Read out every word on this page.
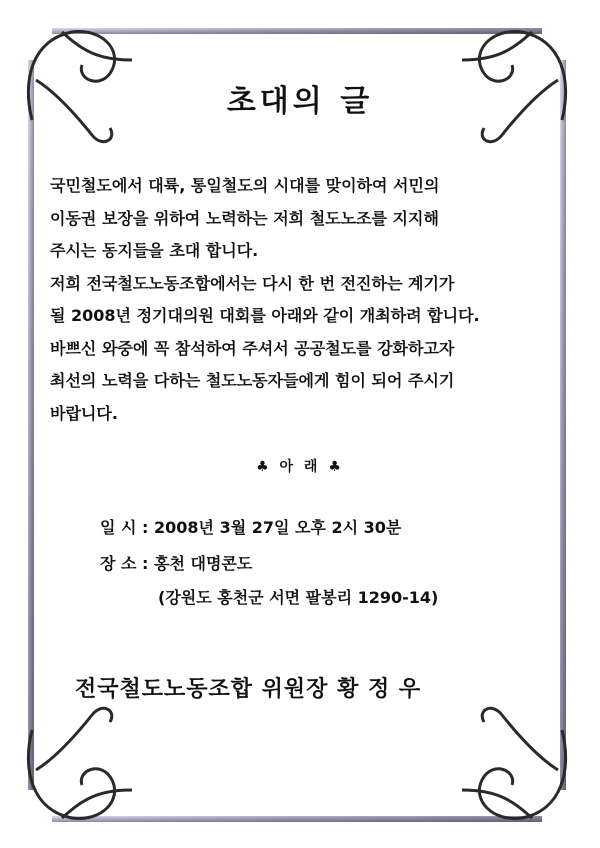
초대의 글
국민철도에서 대륙, 통일철도의 시대를 맞이하여 서민의
이동권 보장을 위하여 노력하는 저희 철도노조를 지지해
주시는 동지들을 초대 합니다.
저희 전국철도노동조합에서는 다시 한 번 전진하는 계기가
될 2008년 정기대의원 대회를 아래와 같이 개최하려 합니다.
바쁘신 와중에 꼭 참석하여 주셔서 공공철도를 강화하고자
최선의 노력을 다하는 철도노동자들에게 힘이 되어 주시기
바랍니다.
♣ 아 래 ♣
일 시 : 2008년 3월 27일 오후 2시 30분
장 소 : 홍천 대명콘도
(강원도 홍천군 서면 팔봉리 1290-14)
전국철도노동조합 위원장 황 정 우
